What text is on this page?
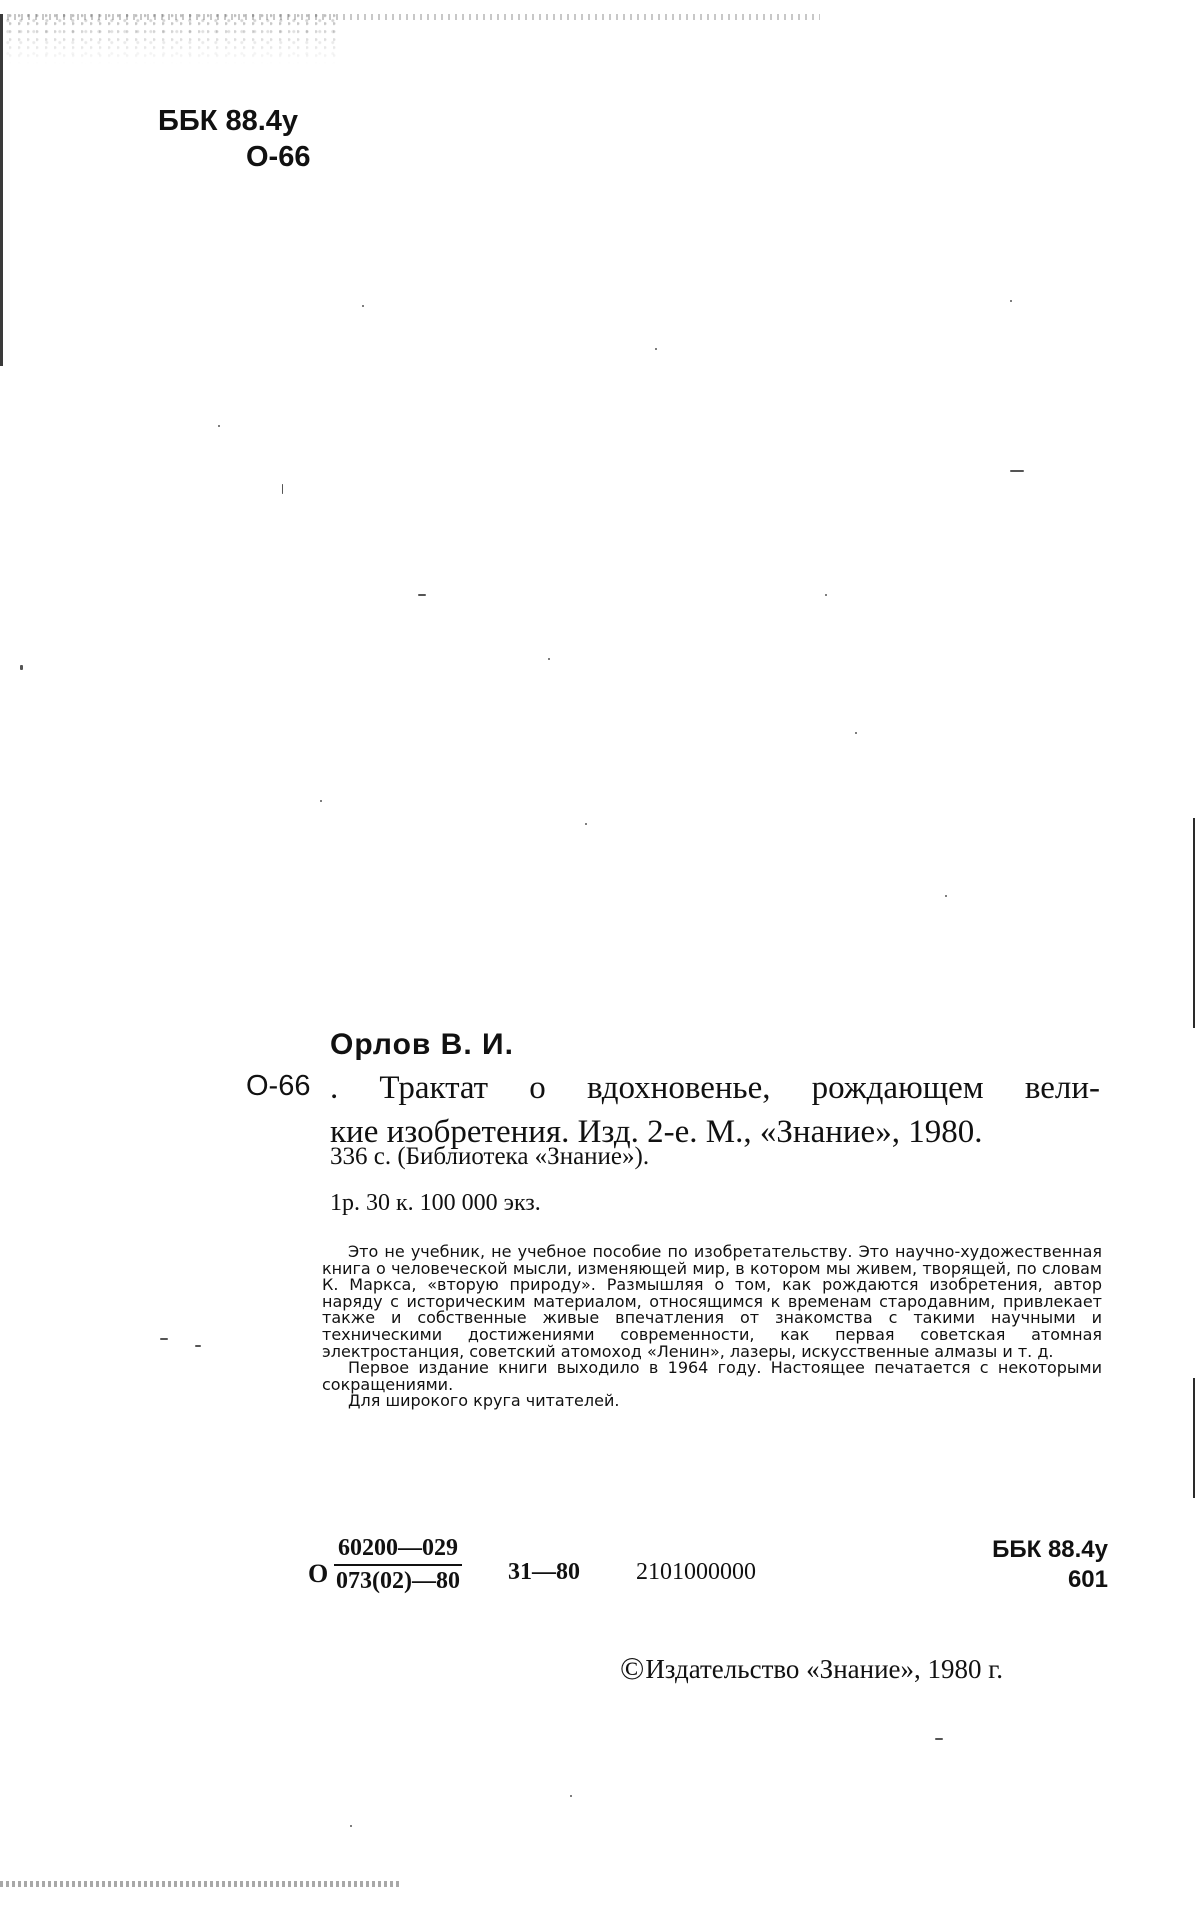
ББК 88.4у
О-66
Орлов В. И.
О-66 . Трактат о вдохновенье, рождающем вели-

кие изобретения. Изд. 2-е. М., «Знание», 1980.
336 с. (Библиотека «Знание»).
1р. 30 к. 100 000 экз.

Это не учебник, не учебное пособие по изобретательству. Это научно-художественная книга о человеческой мысли, изменяющей мир, в котором мы живем, творящей, по словам К. Маркса, «вторую природу». Размышляя о том, как рождаются изобретения, автор наряду с историческим материалом, относящимся к временам стародавним, привлекает также и собственные живые впечатления от знакомства с такими научными и техническими достижениями современности, как первая советская атомная электростанция, советский атомоход «Ленин», лазеры, искусственные алмазы и т. д.

Первое издание книги выходило в 1964 году. Настоящее печатается с некоторыми сокращениями.

Для широкого круга читателей.

О $\frac{60200—029}{073(02)—80}$ 31—80 2101000000
ББК 88.4у
601
©Издательство «Знание», 1980 г.
